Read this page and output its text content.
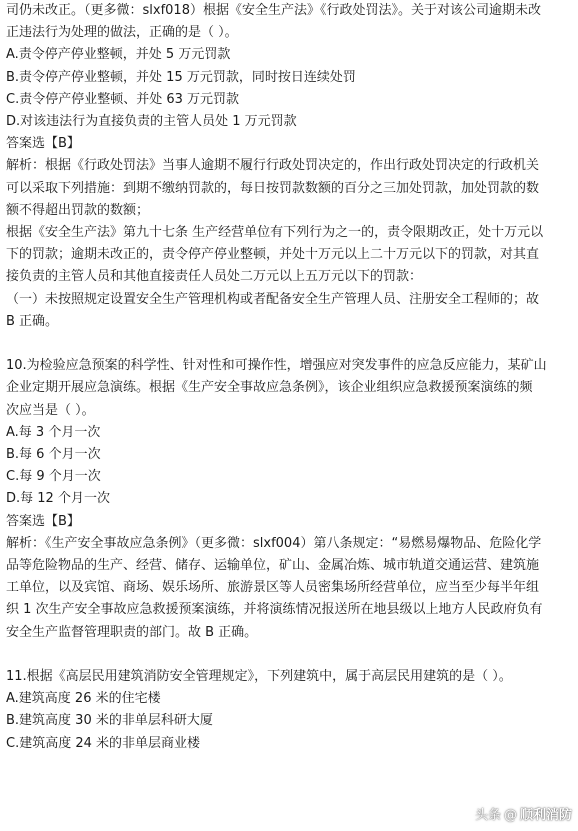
司仍未改正。（更多微：slxf018）根据《安全生产法》《行政处罚法》。关于对该公司逾期未改
正违法行为处理的做法，正确的是（ ）。
A.责令停产停业整顿，并处 5 万元罚款
B.责令停产停业整顿，并处 15 万元罚款，同时按日连续处罚
C.责令停产停业整顿、并处 63 万元罚款
D.对该违法行为直接负责的主管人员处 1 万元罚款
答案选【B】
解析：根据《行政处罚法》当事人逾期不履行行政处罚决定的，作出行政处罚决定的行政机关
可以采取下列措施：到期不缴纳罚款的，每日按罚款数额的百分之三加处罚款，加处罚款的数
额不得超出罚款的数额；
根据《安全生产法》第九十七条 生产经营单位有下列行为之一的，责令限期改正，处十万元以
下的罚款；逾期未改正的，责令停产停业整顿，并处十万元以上二十万元以下的罚款，对其直
接负责的主管人员和其他直接责任人员处二万元以上五万元以下的罚款：
（一）未按照规定设置安全生产管理机构或者配备安全生产管理人员、注册安全工程师的；故
B 正确。
10.为检验应急预案的科学性、针对性和可操作性，增强应对突发事件的应急反应能力，某矿山
企业定期开展应急演练。根据《生产安全事故应急条例》，该企业组织应急救援预案演练的频
次应当是（ ）。
A.每 3 个月一次
B.每 6 个月一次
C.每 9 个月一次
D.每 12 个月一次
答案选【B】
解析：《生产安全事故应急条例》（更多微：slxf004）第八条规定：“易燃易爆物品、危险化学
品等危险物品的生产、经营、储存、运输单位，矿山、金属冶炼、城市轨道交通运营、建筑施
工单位，以及宾馆、商场、娱乐场所、旅游景区等人员密集场所经营单位，应当至少每半年组
织 1 次生产安全事故应急救援预案演练，并将演练情况报送所在地县级以上地方人民政府负有
安全生产监督管理职责的部门。故 B 正确。
11.根据《高层民用建筑消防安全管理规定》，下列建筑中，属于高层民用建筑的是（ ）。
A.建筑高度 26 米的住宅楼
B.建筑高度 30 米的非单层科研大厦
C.建筑高度 24 米的非单层商业楼
头条 @ 顺利消防
